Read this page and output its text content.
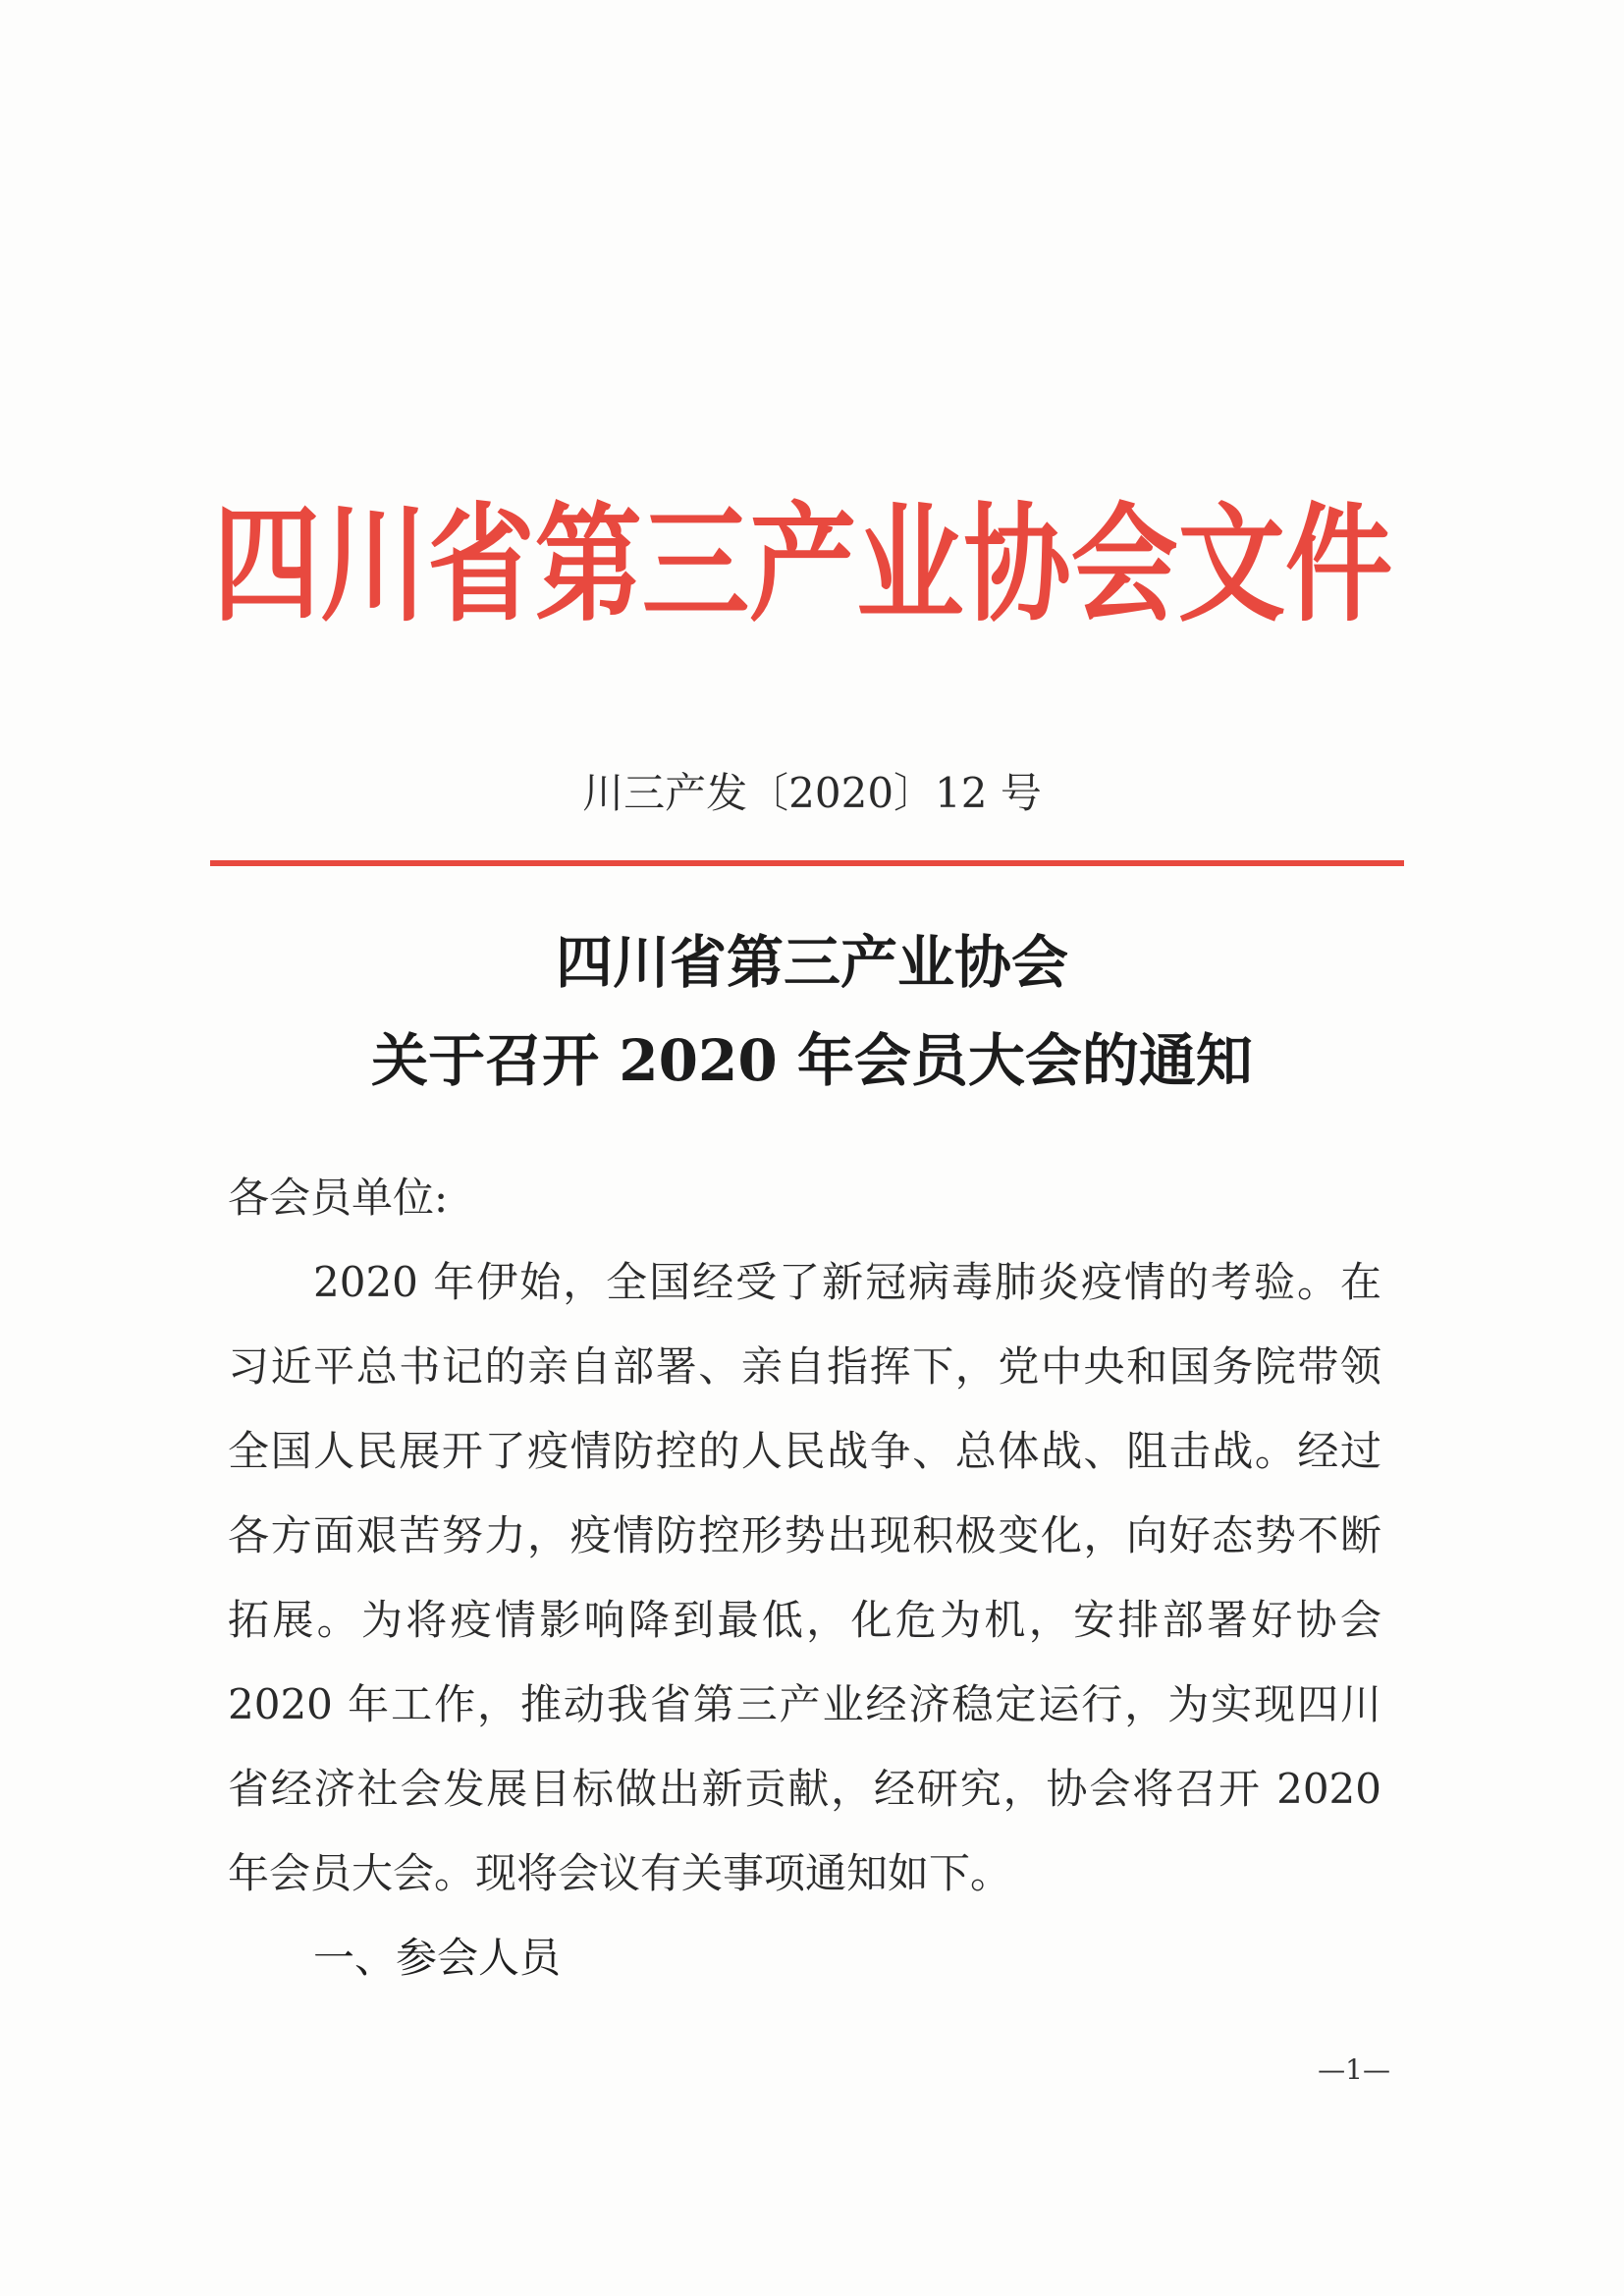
四川省第三产业协会文件
川三产发〔2020〕12 号
四川省第三产业协会
关于召开 2020 年会员大会的通知
各会员单位:
2020 年伊始，全国经受了新冠病毒肺炎疫情的考验。在
习近平总书记的亲自部署、亲自指挥下，党中央和国务院带领
全国人民展开了疫情防控的人民战争、总体战、阻击战。经过
各方面艰苦努力，疫情防控形势出现积极变化，向好态势不断
拓展。为将疫情影响降到最低，化危为机，安排部署好协会
2020 年工作，推动我省第三产业经济稳定运行，为实现四川
省经济社会发展目标做出新贡献，经研究，协会将召开 2020
年会员大会。现将会议有关事项通知如下。
一、参会人员
—1—
